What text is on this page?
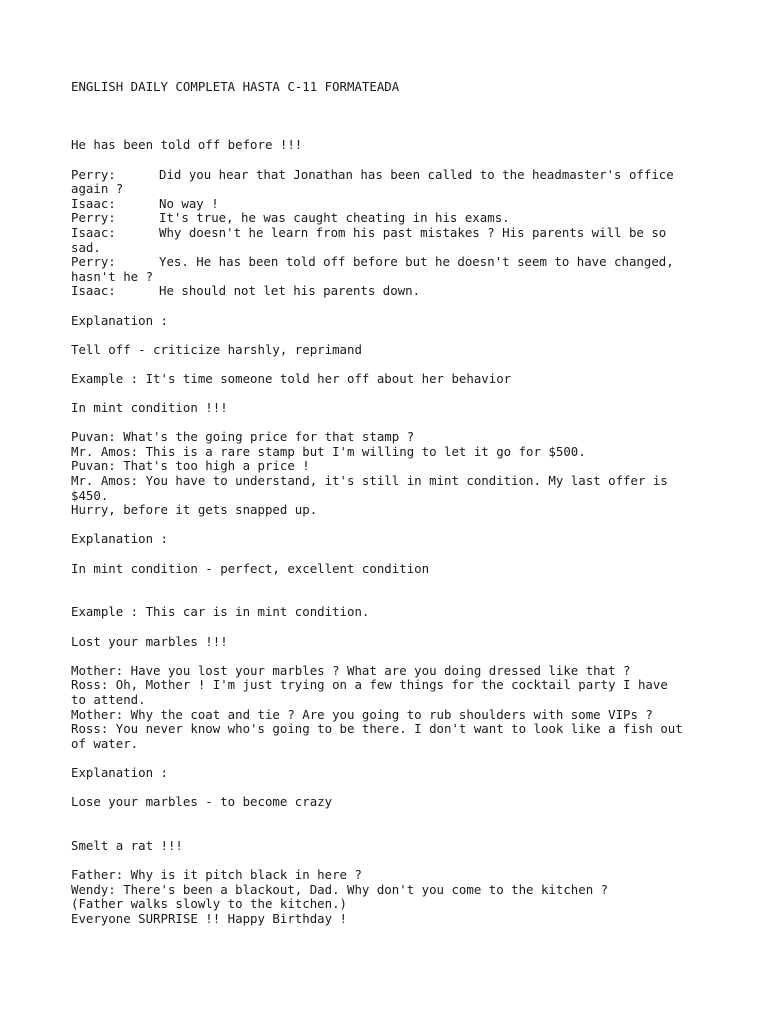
ENGLISH DAILY COMPLETA HASTA C-11 FORMATEADA
He has been told off before !!!
Perry:	Did you hear that Jonathan has been called to the headmaster's office
again ?
Isaac:	No way !
Perry:	It's true, he was caught cheating in his exams.
Isaac:	Why doesn't he learn from his past mistakes ? His parents will be so
sad.
Perry:	Yes. He has been told off before but he doesn't seem to have changed,
hasn't he ?
Isaac:	He should not let his parents down.
Explanation :
Tell off - criticize harshly, reprimand
Example : It's time someone told her off about her behavior
In mint condition !!!
Puvan: What's the going price for that stamp ?
Mr. Amos: This is a rare stamp but I'm willing to let it go for $500.
Puvan: That's too high a price !
Mr. Amos: You have to understand, it's still in mint condition. My last offer is
$450.
Hurry, before it gets snapped up.
Explanation :
In mint condition - perfect, excellent condition
Example : This car is in mint condition.
Lost your marbles !!!
Mother: Have you lost your marbles ? What are you doing dressed like that ?
Ross: Oh, Mother ! I'm just trying on a few things for the cocktail party I have
to attend.
Mother: Why the coat and tie ? Are you going to rub shoulders with some VIPs ?
Ross: You never know who's going to be there. I don't want to look like a fish out
of water.
Explanation :
Lose your marbles - to become crazy
Smelt a rat !!!
Father: Why is it pitch black in here ?
Wendy: There's been a blackout, Dad. Why don't you come to the kitchen ?
(Father walks slowly to the kitchen.)
Everyone SURPRISE !! Happy Birthday !
